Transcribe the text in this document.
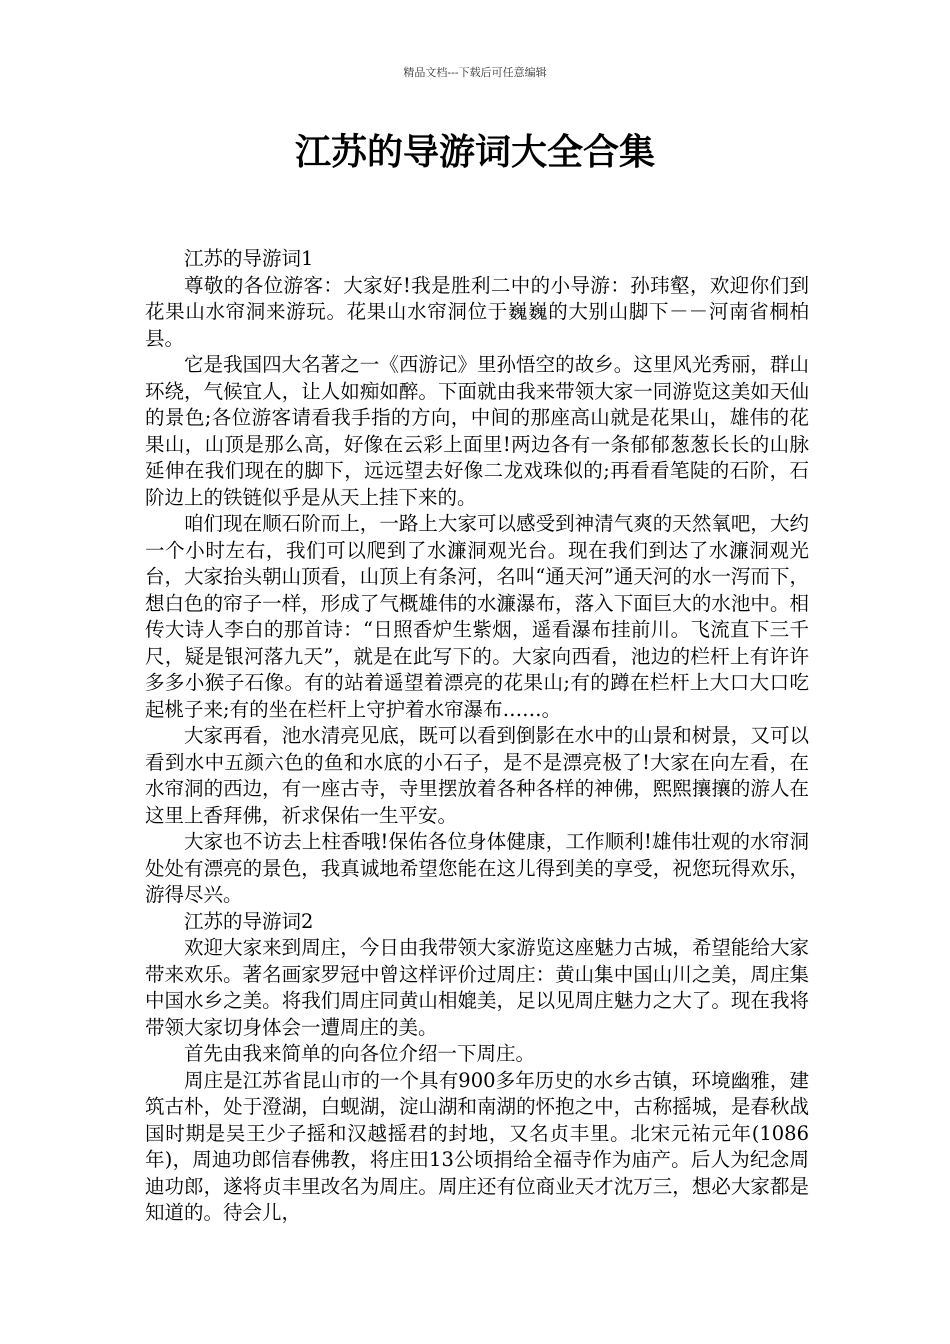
精品文档---下载后可任意编辑
江苏的导游词大全合集

江苏的导游词1

尊敬的各位游客：大家好!我是胜利二中的小导游：孙玮壑，欢迎你们到花果山水帘洞来游玩。花果山水帘洞位于巍巍的大别山脚下－－河南省桐柏县。

它是我国四大名著之一《西游记》里孙悟空的故乡。这里风光秀丽，群山环绕，气候宜人，让人如痴如醉。下面就由我来带领大家一同游览这美如天仙的景色;各位游客请看我手指的方向，中间的那座高山就是花果山，雄伟的花果山，山顶是那么高，好像在云彩上面里!两边各有一条郁郁葱葱长长的山脉延伸在我们现在的脚下，远远望去好像二龙戏珠似的;再看看笔陡的石阶，石阶边上的铁链似乎是从天上挂下来的。

咱们现在顺石阶而上，一路上大家可以感受到神清气爽的天然氧吧，大约一个小时左右，我们可以爬到了水濂洞观光台。现在我们到达了水濂洞观光台，大家抬头朝山顶看，山顶上有条河，名叫“通天河”通天河的水一泻而下，想白色的帘子一样，形成了气概雄伟的水濂瀑布，落入下面巨大的水池中。相传大诗人李白的那首诗：“日照香炉生紫烟，遥看瀑布挂前川。飞流直下三千尺，疑是银河落九天”，就是在此写下的。大家向西看，池边的栏杆上有许许多多小猴子石像。有的站着遥望着漂亮的花果山;有的蹲在栏杆上大口大口吃起桃子来;有的坐在栏杆上守护着水帘瀑布……。

大家再看，池水清亮见底，既可以看到倒影在水中的山景和树景，又可以看到水中五颜六色的鱼和水底的小石子，是不是漂亮极了!大家在向左看，在水帘洞的西边，有一座古寺，寺里摆放着各种各样的神佛，熙熙攘攘的游人在这里上香拜佛，祈求保佑一生平安。

大家也不访去上柱香哦!保佑各位身体健康，工作顺利!雄伟壮观的水帘洞处处有漂亮的景色，我真诚地希望您能在这儿得到美的享受，祝您玩得欢乐，游得尽兴。

江苏的导游词2

欢迎大家来到周庄，今日由我带领大家游览这座魅力古城，希望能给大家带来欢乐。著名画家罗冠中曾这样评价过周庄：黄山集中国山川之美，周庄集中国水乡之美。将我们周庄同黄山相媲美，足以见周庄魅力之大了。现在我将带领大家切身体会一遭周庄的美。

首先由我来简单的向各位介绍一下周庄。

周庄是江苏省昆山市的一个具有900多年历史的水乡古镇，环境幽雅，建筑古朴，处于澄湖，白蚬湖，淀山湖和南湖的怀抱之中，古称摇城，是春秋战国时期是吴王少子摇和汉越摇君的封地，又名贞丰里。北宋元祐元年(1086年)，周迪功郎信春佛教，将庄田13公顷捐给全福寺作为庙产。后人为纪念周迪功郎，遂将贞丰里改名为周庄。周庄还有位商业天才沈万三，想必大家都是知道的。待会儿，
